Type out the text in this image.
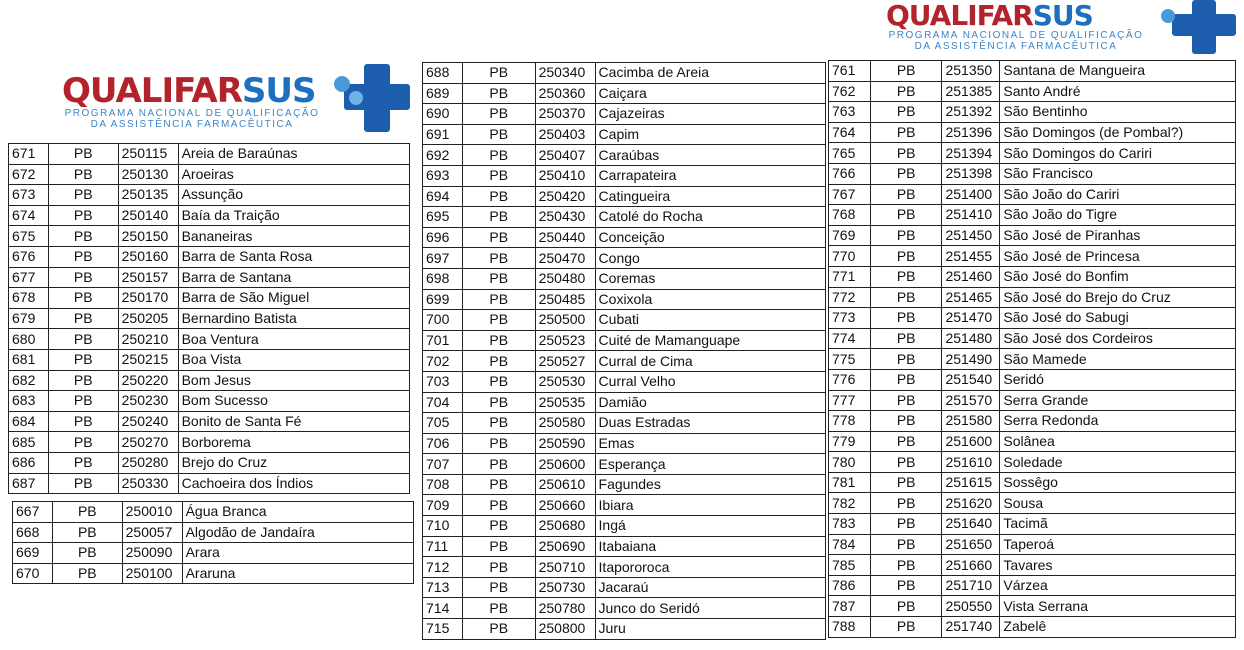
QUALIFARSUS
PROGRAMA NACIONAL DE QUALIFICAÇÃO
DA ASSISTÊNCIA FARMACÊUTICA
QUALIFARSUS
PROGRAMA NACIONAL DE QUALIFICAÇÃO
DA ASSISTÊNCIA FARMACÊUTICA
671	PB	250115	Areia de Baraúnas
672	PB	250130	Aroeiras
673	PB	250135	Assunção
674	PB	250140	Baía da Traição
675	PB	250150	Bananeiras
676	PB	250160	Barra de Santa Rosa
677	PB	250157	Barra de Santana
678	PB	250170	Barra de São Miguel
679	PB	250205	Bernardino Batista
680	PB	250210	Boa Ventura
681	PB	250215	Boa Vista
682	PB	250220	Bom Jesus
683	PB	250230	Bom Sucesso
684	PB	250240	Bonito de Santa Fé
685	PB	250270	Borborema
686	PB	250280	Brejo do Cruz
687	PB	250330	Cachoeira dos Índios
667	PB	250010	Água Branca
668	PB	250057	Algodão de Jandaíra
669	PB	250090	Arara
670	PB	250100	Araruna
688	PB	250340	Cacimba de Areia
689	PB	250360	Caiçara
690	PB	250370	Cajazeiras
691	PB	250403	Capim
692	PB	250407	Caraúbas
693	PB	250410	Carrapateira
694	PB	250420	Catingueira
695	PB	250430	Catolé do Rocha
696	PB	250440	Conceição
697	PB	250470	Congo
698	PB	250480	Coremas
699	PB	250485	Coxixola
700	PB	250500	Cubati
701	PB	250523	Cuité de Mamanguape
702	PB	250527	Curral de Cima
703	PB	250530	Curral Velho
704	PB	250535	Damião
705	PB	250580	Duas Estradas
706	PB	250590	Emas
707	PB	250600	Esperança
708	PB	250610	Fagundes
709	PB	250660	Ibiara
710	PB	250680	Ingá
711	PB	250690	Itabaiana
712	PB	250710	Itapororoca
713	PB	250730	Jacaraú
714	PB	250780	Junco do Seridó
715	PB	250800	Juru
761	PB	251350	Santana de Mangueira
762	PB	251385	Santo André
763	PB	251392	São Bentinho
764	PB	251396	São Domingos (de Pombal?)
765	PB	251394	São Domingos do Cariri
766	PB	251398	São Francisco
767	PB	251400	São João do Cariri
768	PB	251410	São João do Tigre
769	PB	251450	São José de Piranhas
770	PB	251455	São José de Princesa
771	PB	251460	São José do Bonfim
772	PB	251465	São José do Brejo do Cruz
773	PB	251470	São José do Sabugi
774	PB	251480	São José dos Cordeiros
775	PB	251490	São Mamede
776	PB	251540	Seridó
777	PB	251570	Serra Grande
778	PB	251580	Serra Redonda
779	PB	251600	Solânea
780	PB	251610	Soledade
781	PB	251615	Sossêgo
782	PB	251620	Sousa
783	PB	251640	Tacimã
784	PB	251650	Taperoá
785	PB	251660	Tavares
786	PB	251710	Várzea
787	PB	250550	Vista Serrana
788	PB	251740	Zabelê
